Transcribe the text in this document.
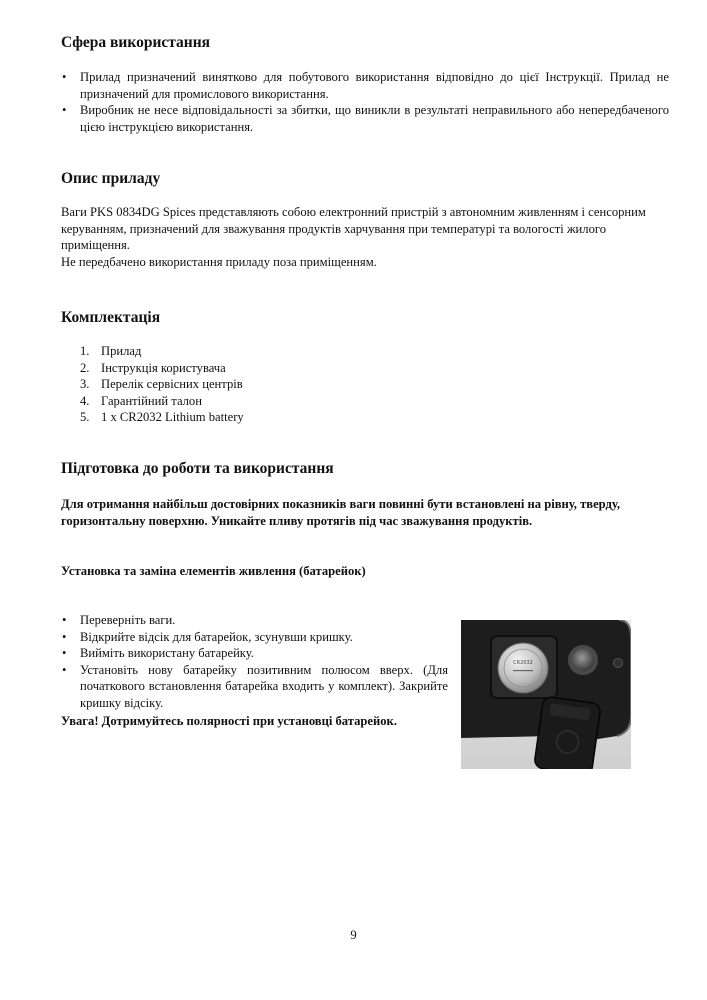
Сфера використання
• Прилад призначений винятково для побутового використання відповідно до цієї Інструкції. Прилад не призначений для промислового використання.
• Виробник не несе відповідальності за збитки, що виникли в результаті неправильного або непередбаченого цією інструкцією використання.
Опис приладу

Ваги PKS 0834DG Spices представляють собою електронний пристрій з автономним живленням і сенсорним керуванням, призначений для зважування продуктів харчування при температурі та вологості жилого приміщення.

Не передбачено використання приладу поза приміщенням.

Комплектація
1. Прилад
2. Інструкція користувача
3. Перелік сервісних центрів
4. Гарантійний талон
5. 1 x CR2032 Lithium battery
Підготовка до роботи та використання

Для отримання найбільш достовірних показників ваги повинні бути встановлені на рівну, тверду, горизонтальну поверхню. Уникайте пливу протягів під час зважування продуктів.

Установка та заміна елементів живлення (батарейок)

• Переверніть ваги.
• Відкрийте відсік для батарейок, зсунувши кришку.
• Вийміть використану батарейку.
• Установіть нову батарейку позитивним полюсом вверх. (Для початкового встановлення батарейка входить у комплект). Закрийте кришку відсіку.

Увага! Дотримуйтесь полярності при установці батарейок.

CR2032
9
